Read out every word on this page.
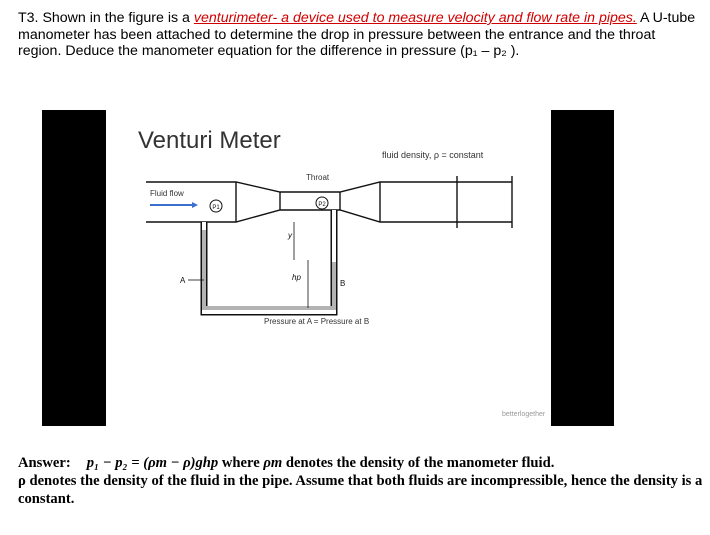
T3. Shown in the figure is a venturimeter- a device used to measure velocity and flow rate in pipes. A U-tube manometer has been attached to determine the drop in pressure between the entrance and the throat region. Deduce the manometer equation for the difference in pressure (p₁ – p₂ ).
Venturi Meter
fluid density, ρ = constant
Throat
Fluid flow
P1	P2
y
hp
A	B
Pressure at A = Pressure at B
betterlogether
Answer: p₁ − p₂ = (ρm − ρ)ghp where ρm denotes the density of the manometer fluid.
ρ denotes the density of the fluid in the pipe. Assume that both fluids are incompressible, hence the density is a constant.
